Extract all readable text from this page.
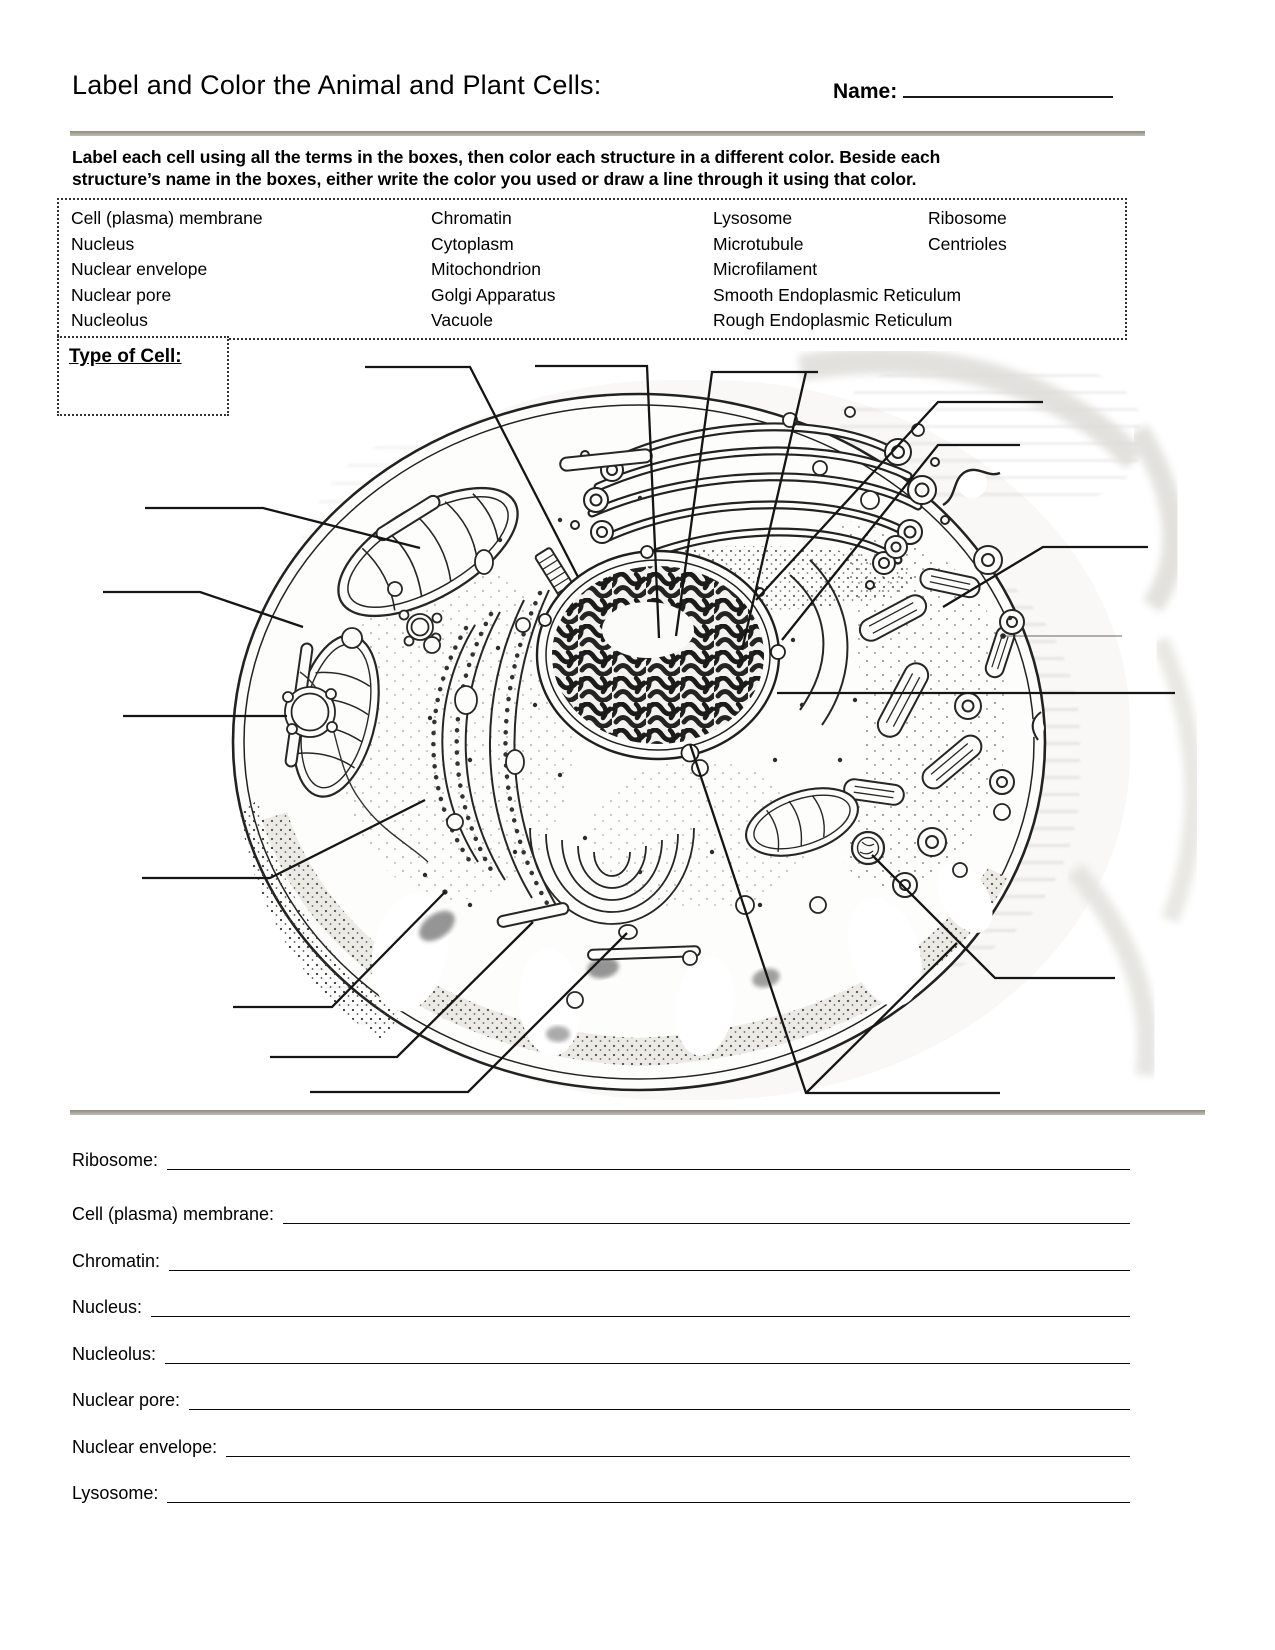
Label and Color the Animal and Plant Cells:	Name:
Label each cell using all the terms in the boxes, then color each structure in a different color. Beside each
structure’s name in the boxes, either write the color you used or draw a line through it using that color.
Cell (plasma) membrane
Nucleus
Nuclear envelope
Nuclear pore
Nucleolus
Chromatin
Cytoplasm
Mitochondrion
Golgi Apparatus
Vacuole
Lysosome
Microtubule
Microfilament
Smooth Endoplasmic Reticulum
Rough Endoplasmic Reticulum
Ribosome
Centrioles
Type of Cell:
Cell (plasma) membrane:
Chromatin:
Nucleus:
Nucleolus:
Nuclear pore:
Nuclear envelope:
Lysosome:
Ribosome:
